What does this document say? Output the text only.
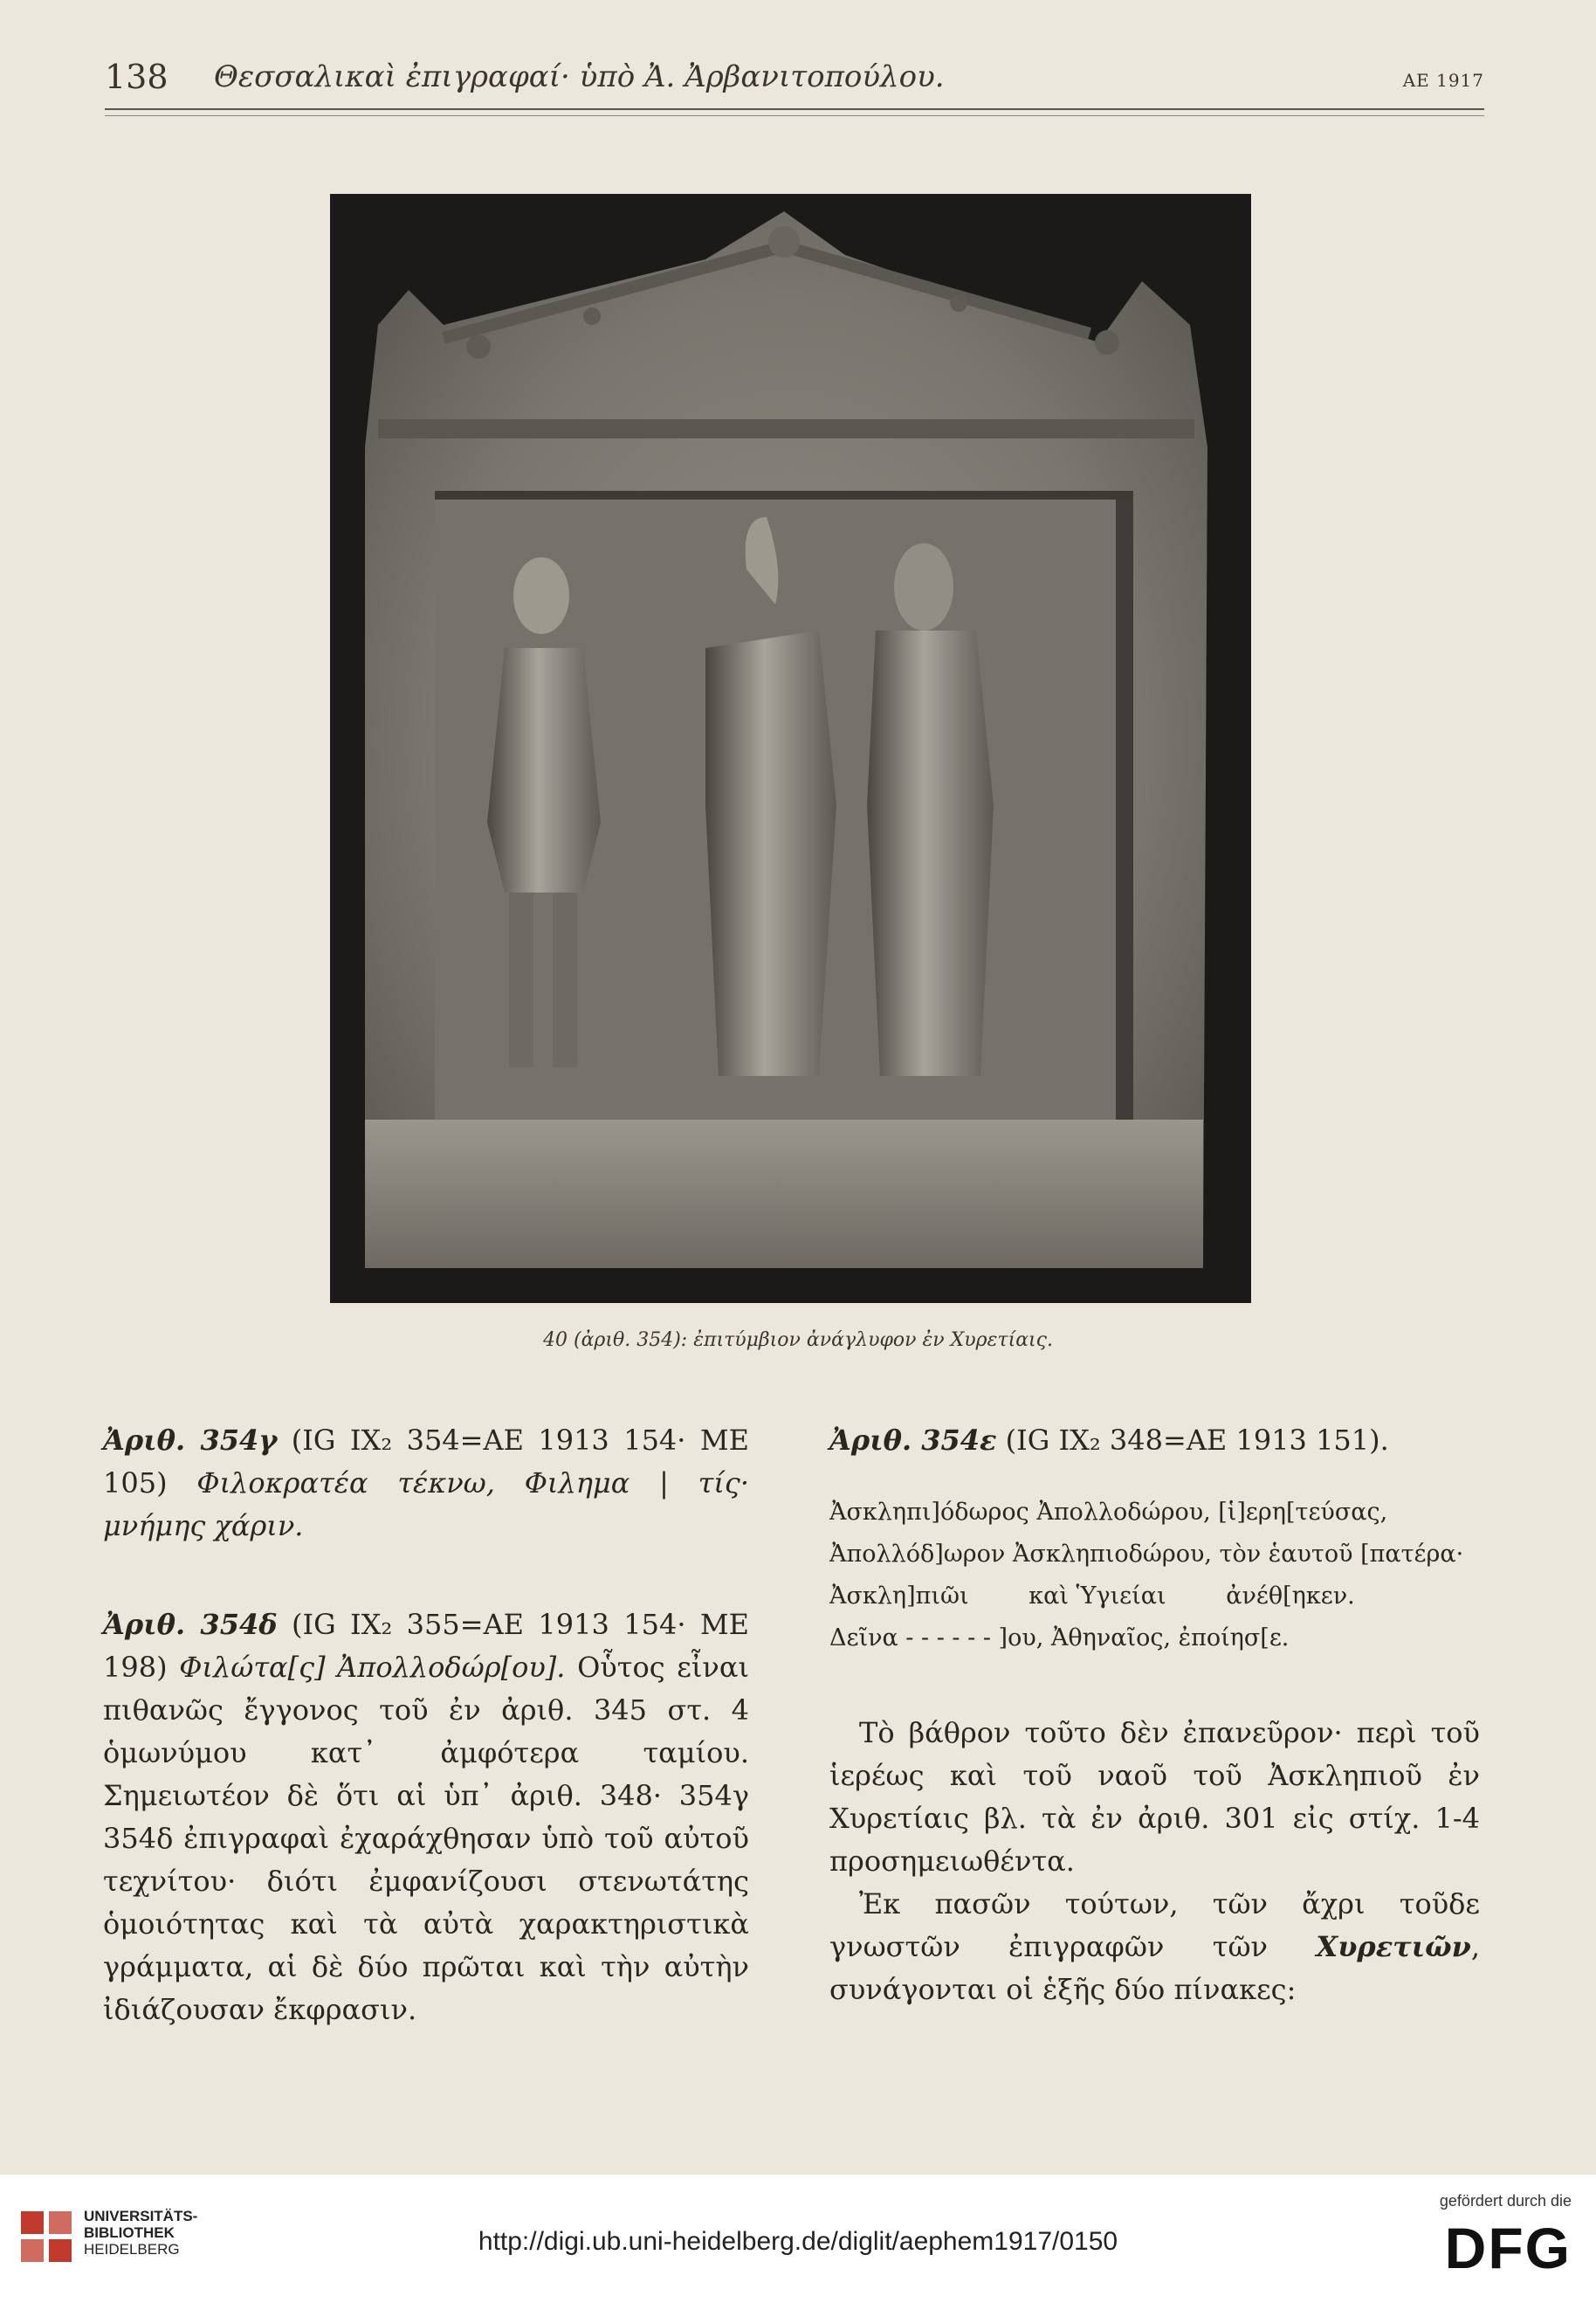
138 Θεσσαλικαὶ ἐπιγραφαί· ὑπὸ Ἀ. Ἀρβανιτοπούλου.	ΑΕ 1917
40 (ἀριθ. 354): ἐπιτύμβιον ἀνάγλυφον ἐν Χυρετίαις.

Ἀριθ. 354γ (IG IX₂ 354=AE 1913 154· ME 105) Φιλοκρατέα τέκνω, Φιλημα | τίς· μνήμης χάριν.

Ἀριθ. 354δ (IG IX₂ 355=AE 1913 154· ME 198) Φιλώτα[ς] Ἀπολλοδώρ[ου]. Οὗτος εἶναι πιθανῶς ἔγγονος τοῦ ἐν ἀριθ. 345 στ. 4 ὁμωνύμου κατ᾽ ἀμφότερα ταμίου. Σημειωτέον δὲ ὅτι αἱ ὑπ᾽ ἀριθ. 348· 354γ 354δ ἐπιγραφαὶ ἐχαράχθησαν ὑπὸ τοῦ αὐτοῦ τεχνίτου· διότι ἐμφανίζουσι στενωτάτης ὁμοιότητας καὶ τὰ αὐτὰ χαρακτηριστικὰ γράμματα, αἱ δὲ δύο πρῶται καὶ τὴν αὐτὴν ἰδιάζουσαν ἔκφρασιν.

Ἀριθ. 354ε (IG IX₂ 348=AE 1913 151).

Ἀσκληπι]όδωρος Ἀπολλοδώρου, [ἱ]ερη[τεύσας,

Ἀπολλόδ]ωρον Ἀσκληπιοδώρου, τὸν ἑαυτοῦ [πατέρα·

Ἀσκλη]πιῶι        καὶ Ὑγιείαι        ἀνέθ[ηκεν.

Δεῖνα - - - - - - ]ου, Ἀθηναῖος, ἐποίησ[ε.

Τὸ βάθρον τοῦτο δὲν ἐπανεῦρον· περὶ τοῦ ἱερέως καὶ τοῦ ναοῦ τοῦ Ἀσκληπιοῦ ἐν Χυρετίαις βλ. τὰ ἐν ἀριθ. 301 εἰς στίχ. 1-4 προσημειωθέντα.

Ἐκ πασῶν τούτων, τῶν ἄχρι τοῦδε γνωστῶν ἐπιγραφῶν τῶν Χυρετιῶν, συνάγονται οἱ ἑξῆς δύο πίνακες:

UNIVERSITÄTS-
BIBLIOTHEK
HEIDELBERG	http://digi.ub.uni-heidelberg.de/diglit/aephem1917/0150
gefördert durch die
DFG
